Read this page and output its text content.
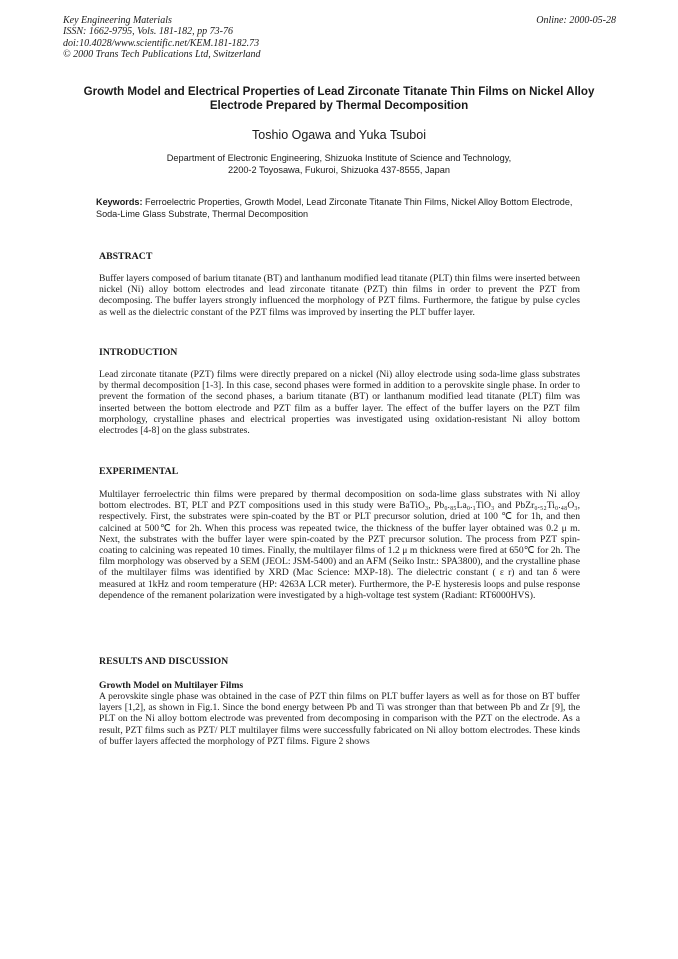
Key Engineering Materials
ISSN: 1662-9795, Vols. 181-182, pp 73-76
doi:10.4028/www.scientific.net/KEM.181-182.73
© 2000 Trans Tech Publications Ltd, Switzerland
Online: 2000-05-28
Growth Model and Electrical Properties of Lead Zirconate Titanate Thin Films on Nickel Alloy Electrode Prepared by Thermal Decomposition
Toshio Ogawa and Yuka Tsuboi
Department of Electronic Engineering, Shizuoka Institute of Science and Technology,
2200-2 Toyosawa, Fukuroi, Shizuoka 437-8555, Japan
Keywords: Ferroelectric Properties, Growth Model, Lead Zirconate Titanate Thin Films, Nickel Alloy Bottom Electrode, Soda-Lime Glass Substrate, Thermal Decomposition
ABSTRACT
Buffer layers composed of barium titanate (BT) and lanthanum modified lead titanate (PLT) thin films were inserted between nickel (Ni) alloy bottom electrodes and lead zirconate titanate (PZT) thin films in order to prevent the PZT from decomposing. The buffer layers strongly influenced the morphology of PZT films. Furthermore, the fatigue by pulse cycles as well as the dielectric constant of the PZT films was improved by inserting the PLT buffer layer.
INTRODUCTION
Lead zirconate titanate (PZT) films were directly prepared on a nickel (Ni) alloy electrode using soda-lime glass substrates by thermal decomposition [1-3]. In this case, second phases were formed in addition to a perovskite single phase. In order to prevent the formation of the second phases, a barium titanate (BT) or lanthanum modified lead titanate (PLT) film was inserted between the bottom electrode and PZT film as a buffer layer. The effect of the buffer layers on the PZT film morphology, crystalline phases and electrical properties was investigated using oxidation-resistant Ni alloy bottom electrodes [4-8] on the glass substrates.
EXPERIMENTAL
Multilayer ferroelectric thin films were prepared by thermal decomposition on soda-lime glass substrates with Ni alloy bottom electrodes. BT, PLT and PZT compositions used in this study were BaTiO₃, Pb₀.₈₅La₀.₁TiO₃ and PbZr₀.₅₂Ti₀.₄₈O₃, respectively. First, the substrates were spin-coated by the BT or PLT precursor solution, dried at 100 ℃ for 1h, and then calcined at 500℃ for 2h. When this process was repeated twice, the thickness of the buffer layer obtained was 0.2 μ m. Next, the substrates with the buffer layer were spin-coated by the PZT precursor solution. The process from PZT spin-coating to calcining was repeated 10 times. Finally, the multilayer films of 1.2 μ m thickness were fired at 650℃ for 2h. The film morphology was observed by a SEM (JEOL: JSM-5400) and an AFM (Seiko Instr.: SPA3800), and the crystalline phase of the multilayer films was identified by XRD (Mac Science: MXP-18). The dielectric constant ( ε r) and tan δ were measured at 1kHz and room temperature (HP: 4263A LCR meter). Furthermore, the P-E hysteresis loops and pulse response dependence of the remanent polarization were investigated by a high-voltage test system (Radiant: RT6000HVS).
RESULTS AND DISCUSSION
Growth Model on Multilayer Films
A perovskite single phase was obtained in the case of PZT thin films on PLT buffer layers as well as for those on BT buffer layers [1,2], as shown in Fig.1. Since the bond energy between Pb and Ti was stronger than that between Pb and Zr [9], the PLT on the Ni alloy bottom electrode was prevented from decomposing in comparison with the PZT on the electrode. As a result, PZT films such as PZT/ PLT multilayer films were successfully fabricated on Ni alloy bottom electrodes. These kinds of buffer layers affected the morphology of PZT films. Figure 2 shows
